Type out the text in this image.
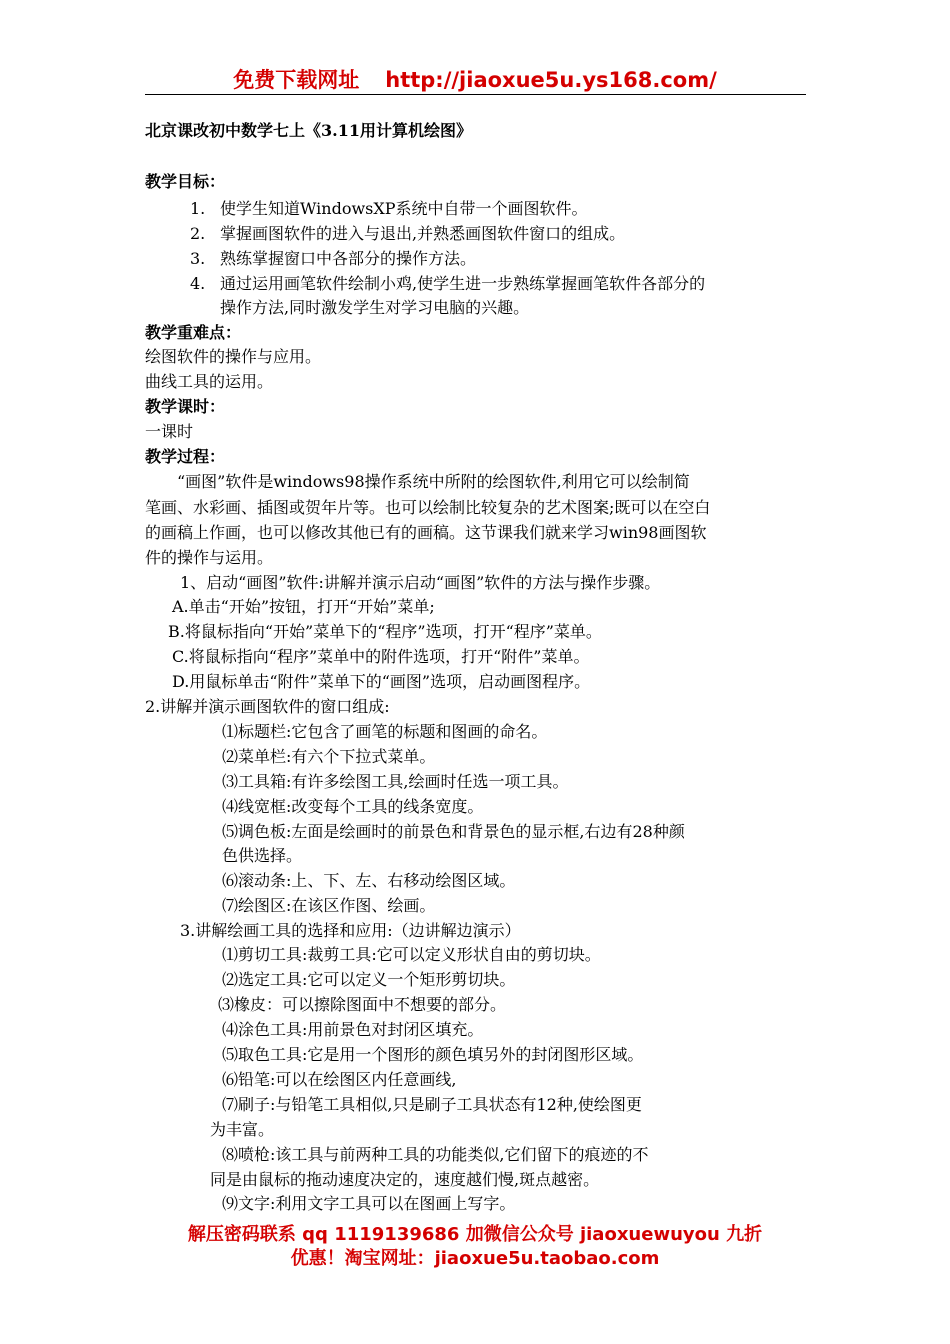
免费下载网址 http://jiaoxue5u.ys168.com/
北京课改初中数学七上《3.11用计算机绘图》
教学目标：
1. 使学生知道WindowsXP系统中自带一个画图软件。
2. 掌握画图软件的进入与退出,并熟悉画图软件窗口的组成。
3. 熟练掌握窗口中各部分的操作方法。
4. 通过运用画笔软件绘制小鸡,使学生进一步熟练掌握画笔软件各部分的
操作方法,同时激发学生对学习电脑的兴趣。
教学重难点：
绘图软件的操作与应用。
曲线工具的运用。
教学课时：
一课时
教学过程：
“画图”软件是windows98操作系统中所附的绘图软件,利用它可以绘制简
笔画、水彩画、插图或贺年片等。也可以绘制比较复杂的艺术图案;既可以在空白
的画稿上作画，也可以修改其他已有的画稿。这节课我们就来学习win98画图软
件的操作与运用。
1、启动“画图”软件:讲解并演示启动“画图”软件的方法与操作步骤。
A.单击“开始”按钮，打开“开始”菜单;
B.将鼠标指向“开始”菜单下的“程序”选项，打开“程序”菜单。
C.将鼠标指向“程序”菜单中的附件选项，打开“附件”菜单。
D.用鼠标单击“附件”菜单下的“画图”选项，启动画图程序。
2.讲解并演示画图软件的窗口组成:
⑴标题栏:它包含了画笔的标题和图画的命名。
⑵菜单栏:有六个下拉式菜单。
⑶工具箱:有许多绘图工具,绘画时任选一项工具。
⑷线宽框:改变每个工具的线条宽度。
⑸调色板:左面是绘画时的前景色和背景色的显示框,右边有28种颜
色供选择。
⑹滚动条:上、下、左、右移动绘图区域。
⑺绘图区:在该区作图、绘画。
3.讲解绘画工具的选择和应用:（边讲解边演示）
⑴剪切工具:裁剪工具:它可以定义形状自由的剪切块。
⑵选定工具:它可以定义一个矩形剪切块。
⑶橡皮：可以擦除图面中不想要的部分。
⑷涂色工具:用前景色对封闭区填充。
⑸取色工具:它是用一个图形的颜色填另外的封闭图形区域。
⑹铅笔:可以在绘图区内任意画线,
⑺刷子:与铅笔工具相似,只是刷子工具状态有12种,使绘图更
为丰富。
⑻喷枪:该工具与前两种工具的功能类似,它们留下的痕迹的不
同是由鼠标的拖动速度决定的，速度越们慢,斑点越密。
⑼文字:利用文字工具可以在图画上写字。
解压密码联系 qq 1119139686 加微信公众号 jiaoxuewuyou 九折
优惠！淘宝网址：jiaoxue5u.taobao.com
